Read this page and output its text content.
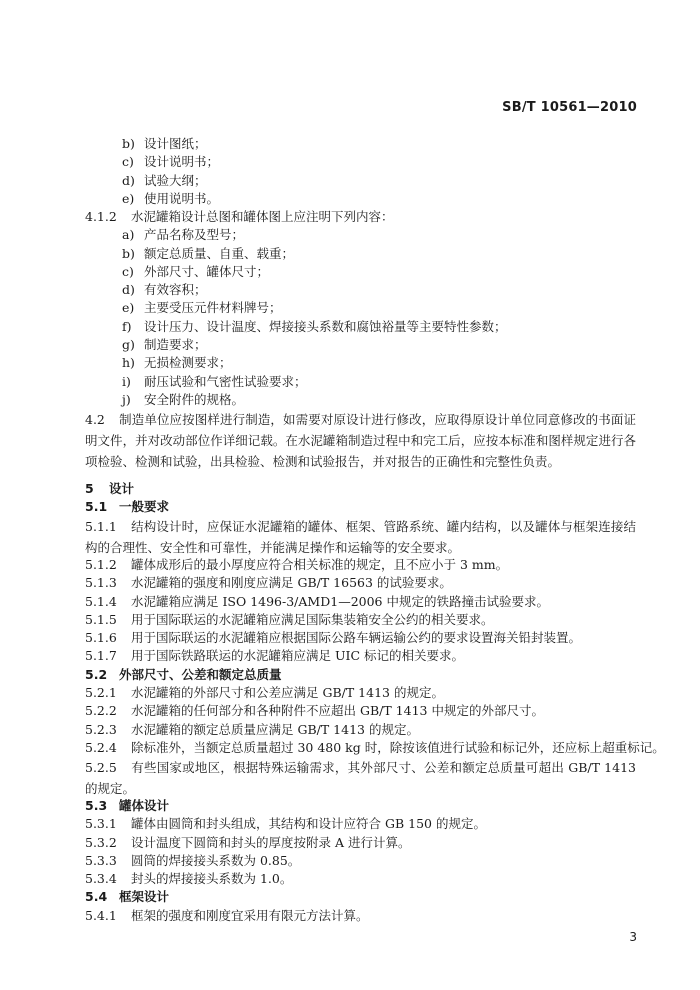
SB/T 10561—2010
b) 设计图纸；
c) 设计说明书；
d) 试验大纲；
e) 使用说明书。
4.1.2 水泥罐箱设计总图和罐体图上应注明下列内容：
a) 产品名称及型号；
b) 额定总质量、自重、载重；
c) 外部尺寸、罐体尺寸；
d) 有效容积；
e) 主要受压元件材料牌号；
f) 设计压力、设计温度、焊接接头系数和腐蚀裕量等主要特性参数；
g) 制造要求；
h) 无损检测要求；
i) 耐压试验和气密性试验要求；
j) 安全附件的规格。
4.2 制造单位应按图样进行制造，如需要对原设计进行修改，应取得原设计单位同意修改的书面证明文件，并对改动部位作详细记载。在水泥罐箱制造过程中和完工后，应按本标准和图样规定进行各项检验、检测和试验，出具检验、检测和试验报告，并对报告的正确性和完整性负责。
5 设计
5.1 一般要求
5.1.1 结构设计时，应保证水泥罐箱的罐体、框架、管路系统、罐内结构，以及罐体与框架连接结构的合理性、安全性和可靠性，并能满足操作和运输等的安全要求。
5.1.2 罐体成形后的最小厚度应符合相关标准的规定，且不应小于 3 mm。
5.1.3 水泥罐箱的强度和刚度应满足 GB/T 16563 的试验要求。
5.1.4 水泥罐箱应满足 ISO 1496-3/AMD1—2006 中规定的铁路撞击试验要求。
5.1.5 用于国际联运的水泥罐箱应满足国际集装箱安全公约的相关要求。
5.1.6 用于国际联运的水泥罐箱应根据国际公路车辆运输公约的要求设置海关铅封装置。
5.1.7 用于国际铁路联运的水泥罐箱应满足 UIC 标记的相关要求。
5.2 外部尺寸、公差和额定总质量
5.2.1 水泥罐箱的外部尺寸和公差应满足 GB/T 1413 的规定。
5.2.2 水泥罐箱的任何部分和各种附件不应超出 GB/T 1413 中规定的外部尺寸。
5.2.3 水泥罐箱的额定总质量应满足 GB/T 1413 的规定。
5.2.4 除标准外，当额定总质量超过 30 480 kg 时，除按该值进行试验和标记外，还应标上超重标记。
5.2.5 有些国家或地区，根据特殊运输需求，其外部尺寸、公差和额定总质量可超出 GB/T 1413 的规定。
5.3 罐体设计
5.3.1 罐体由圆筒和封头组成，其结构和设计应符合 GB 150 的规定。
5.3.2 设计温度下圆筒和封头的厚度按附录 A 进行计算。
5.3.3 圆筒的焊接接头系数为 0.85。
5.3.4 封头的焊接接头系数为 1.0。
5.4 框架设计
5.4.1 框架的强度和刚度宜采用有限元方法计算。
3
